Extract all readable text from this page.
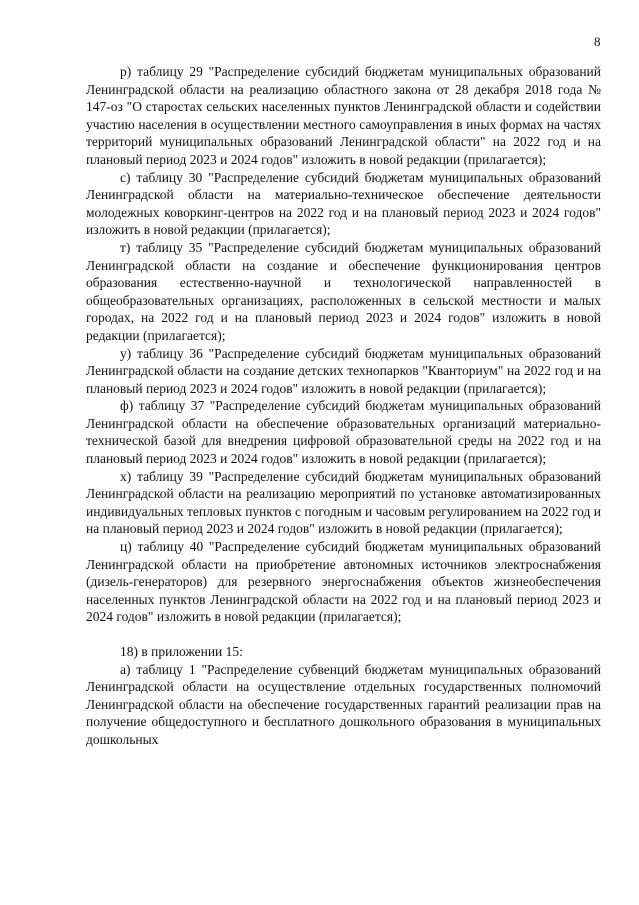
8

р) таблицу 29 "Распределение субсидий бюджетам муниципальных образований Ленинградской области на реализацию областного закона от 28 декабря 2018 года № 147-оз "О старостах сельских населенных пунктов Ленинградской области и содействии участию населения в осуществлении местного самоуправления в иных формах на частях территорий муниципальных образований Ленинградской области" на 2022 год и на плановый период 2023 и 2024 годов" изложить в новой редакции (прилагается);

с) таблицу 30 "Распределение субсидий бюджетам муниципальных образований Ленинградской области на материально-техническое обеспечение деятельности молодежных коворкинг-центров на 2022 год и на плановый период 2023 и 2024 годов" изложить в новой редакции (прилагается);

т) таблицу 35 "Распределение субсидий бюджетам муниципальных образований Ленинградской области на создание и обеспечение функционирования центров образования естественно-научной и технологической направленностей в общеобразовательных организациях, расположенных в сельской местности и малых городах, на 2022 год и на плановый период 2023 и 2024 годов" изложить в новой редакции (прилагается);

у) таблицу 36 "Распределение субсидий бюджетам муниципальных образований Ленинградской области на создание детских технопарков "Кванториум" на 2022 год и на плановый период 2023 и 2024 годов" изложить в новой редакции (прилагается);

ф) таблицу 37 "Распределение субсидий бюджетам муниципальных образований Ленинградской области на обеспечение образовательных организаций материально-технической базой для внедрения цифровой образовательной среды на 2022 год и на плановый период 2023 и 2024 годов" изложить в новой редакции (прилагается);

х) таблицу 39 "Распределение субсидий бюджетам муниципальных образований Ленинградской области на реализацию мероприятий по установке автоматизированных индивидуальных тепловых пунктов с погодным и часовым регулированием на 2022 год и на плановый период 2023 и 2024 годов" изложить в новой редакции (прилагается);

ц) таблицу 40 "Распределение субсидий бюджетам муниципальных образований Ленинградской области на приобретение автономных источников электроснабжения (дизель-генераторов) для резервного энергоснабжения объектов жизнеобеспечения населенных пунктов Ленинградской области на 2022 год и на плановый период 2023 и 2024 годов" изложить в новой редакции (прилагается);

18) в приложении 15:

а) таблицу 1 "Распределение субвенций бюджетам муниципальных образований Ленинградской области на осуществление отдельных государственных полномочий Ленинградской области на обеспечение государственных гарантий реализации прав на получение общедоступного и бесплатного дошкольного образования в муниципальных дошкольных
